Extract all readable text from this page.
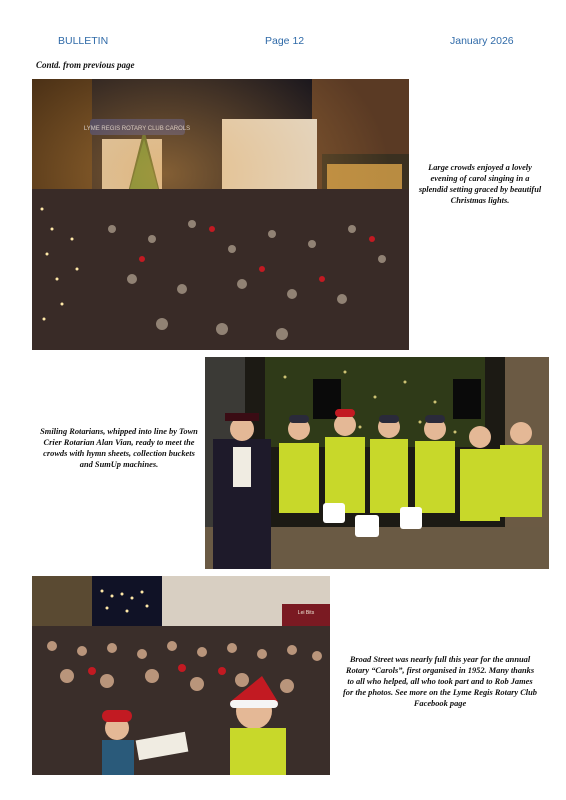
BULLETIN	Page 12	January 2026
Contd. from previous page
Large crowds enjoyed a lovely evening of carol singing in a splendid setting graced by beautiful Christmas lights.
Smiling Rotarians, whipped into line by Town Crier Rotarian Alan Vian, ready to meet the crowds with hymn sheets, collection buckets and SumUp machines.
Lei Bits
Broad Street was nearly full this year for the annual Rotary “Carols”, first organised in 1952. Many thanks to all who helped, all who took part and to Rob James for the photos. See more on the Lyme Regis Rotary Club Facebook page
